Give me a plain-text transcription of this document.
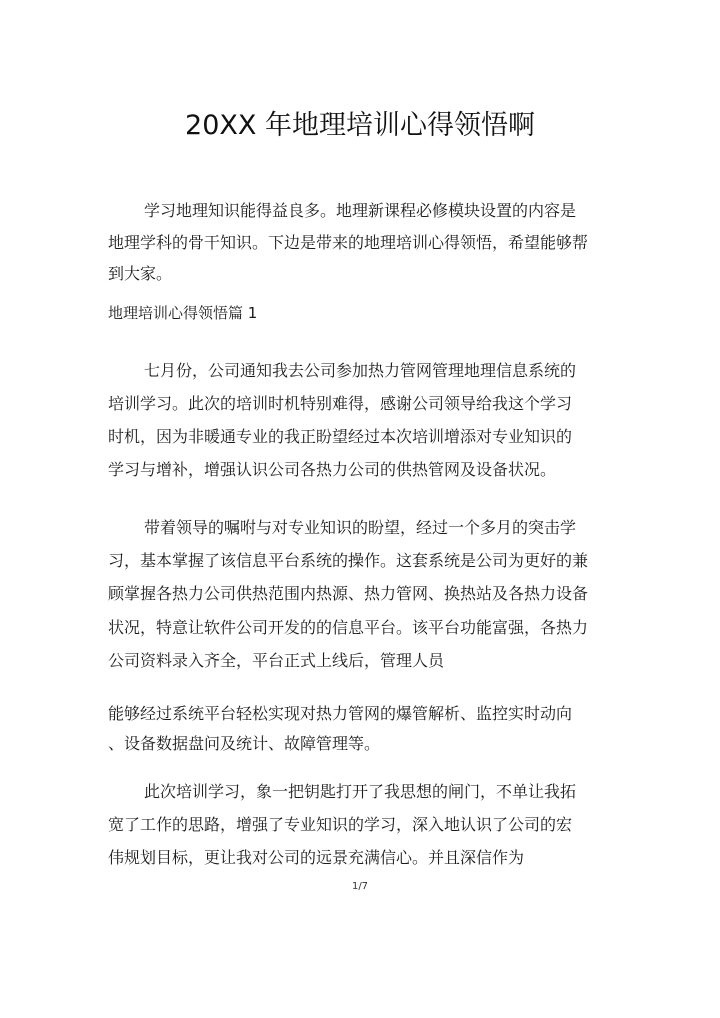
20XX 年地理培训心得领悟啊
学习地理知识能得益良多。地理新课程必修模块设置的内容是
地理学科的骨干知识。下边是带来的地理培训心得领悟，希望能够帮
到大家。
地理培训心得领悟篇 1
七月份，公司通知我去公司参加热力管网管理地理信息系统的
培训学习。此次的培训时机特别难得，感谢公司领导给我这个学习
时机，因为非暖通专业的我正盼望经过本次培训增添对专业知识的
学习与增补，增强认识公司各热力公司的供热管网及设备状况。
带着领导的嘱咐与对专业知识的盼望，经过一个多月的突击学
习，基本掌握了该信息平台系统的操作。这套系统是公司为更好的兼
顾掌握各热力公司供热范围内热源、热力管网、换热站及各热力设备
状况，特意让软件公司开发的的信息平台。该平台功能富强，各热力
公司资料录入齐全，平台正式上线后，管理人员
能够经过系统平台轻松实现对热力管网的爆管解析、监控实时动向
、设备数据盘问及统计、故障管理等。
此次培训学习，象一把钥匙打开了我思想的闸门，不单让我拓
宽了工作的思路，增强了专业知识的学习，深入地认识了公司的宏
伟规划目标，更让我对公司的远景充满信心。并且深信作为
1/7
